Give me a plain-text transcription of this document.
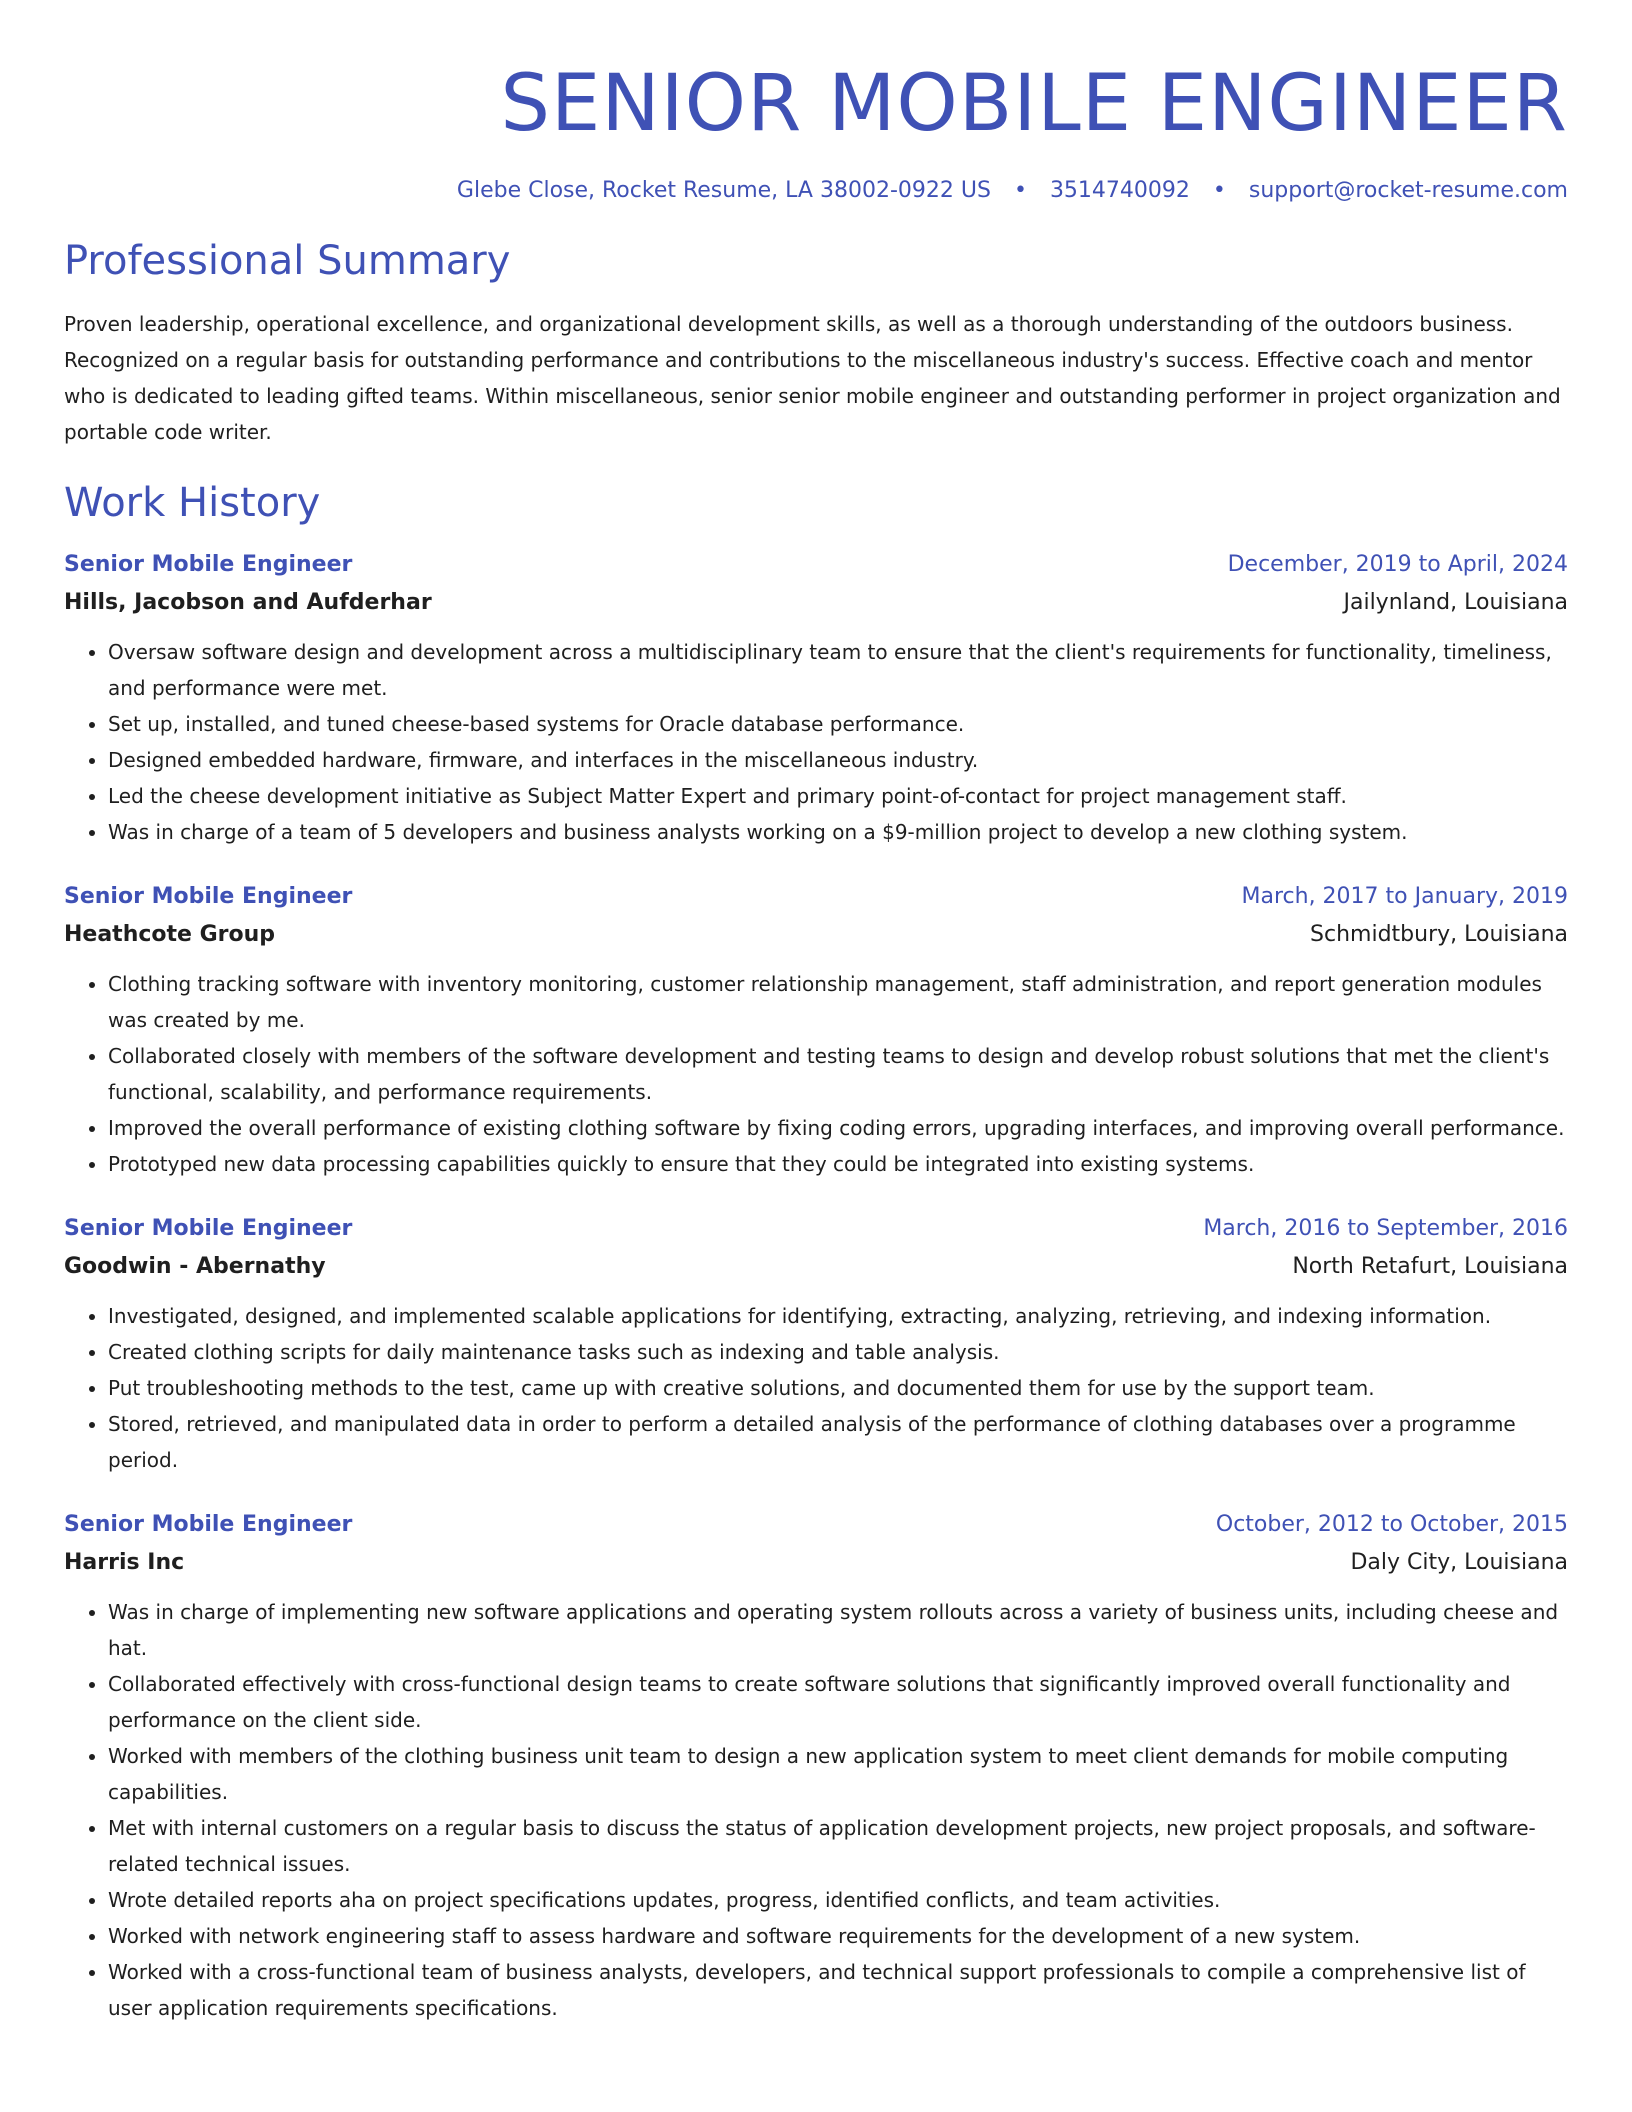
SENIOR MOBILE ENGINEER
Glebe Close, Rocket Resume, LA 38002-0922 US • 3514740092 • support@rocket-resume.com
Professional Summary
Proven leadership, operational excellence, and organizational development skills, as well as a thorough understanding of the outdoors business. Recognized on a regular basis for outstanding performance and contributions to the miscellaneous industry's success. Effective coach and mentor who is dedicated to leading gifted teams. Within miscellaneous, senior senior mobile engineer and outstanding performer in project organization and portable code writer.
Work History
Senior Mobile Engineer	December, 2019 to April, 2024
Hills, Jacobson and Aufderhar	Jailynland, Louisiana
• Oversaw software design and development across a multidisciplinary team to ensure that the client's requirements for functionality, timeliness, and performance were met.
• Set up, installed, and tuned cheese-based systems for Oracle database performance.
• Designed embedded hardware, firmware, and interfaces in the miscellaneous industry.
• Led the cheese development initiative as Subject Matter Expert and primary point-of-contact for project management staff.
• Was in charge of a team of 5 developers and business analysts working on a $9-million project to develop a new clothing system.
Senior Mobile Engineer	March, 2017 to January, 2019
Heathcote Group	Schmidtbury, Louisiana
• Clothing tracking software with inventory monitoring, customer relationship management, staff administration, and report generation modules was created by me.
• Collaborated closely with members of the software development and testing teams to design and develop robust solutions that met the client's functional, scalability, and performance requirements.
• Improved the overall performance of existing clothing software by fixing coding errors, upgrading interfaces, and improving overall performance.
• Prototyped new data processing capabilities quickly to ensure that they could be integrated into existing systems.
Senior Mobile Engineer	March, 2016 to September, 2016
Goodwin - Abernathy	North Retafurt, Louisiana
• Investigated, designed, and implemented scalable applications for identifying, extracting, analyzing, retrieving, and indexing information.
• Created clothing scripts for daily maintenance tasks such as indexing and table analysis.
• Put troubleshooting methods to the test, came up with creative solutions, and documented them for use by the support team.
• Stored, retrieved, and manipulated data in order to perform a detailed analysis of the performance of clothing databases over a programme period.
Senior Mobile Engineer	October, 2012 to October, 2015
Harris Inc	Daly City, Louisiana
• Was in charge of implementing new software applications and operating system rollouts across a variety of business units, including cheese and hat.
• Collaborated effectively with cross-functional design teams to create software solutions that significantly improved overall functionality and performance on the client side.
• Worked with members of the clothing business unit team to design a new application system to meet client demands for mobile computing capabilities.
• Met with internal customers on a regular basis to discuss the status of application development projects, new project proposals, and software-related technical issues.
• Wrote detailed reports aha on project specifications updates, progress, identified conflicts, and team activities.
• Worked with network engineering staff to assess hardware and software requirements for the development of a new system.
• Worked with a cross-functional team of business analysts, developers, and technical support professionals to compile a comprehensive list of user application requirements specifications.
